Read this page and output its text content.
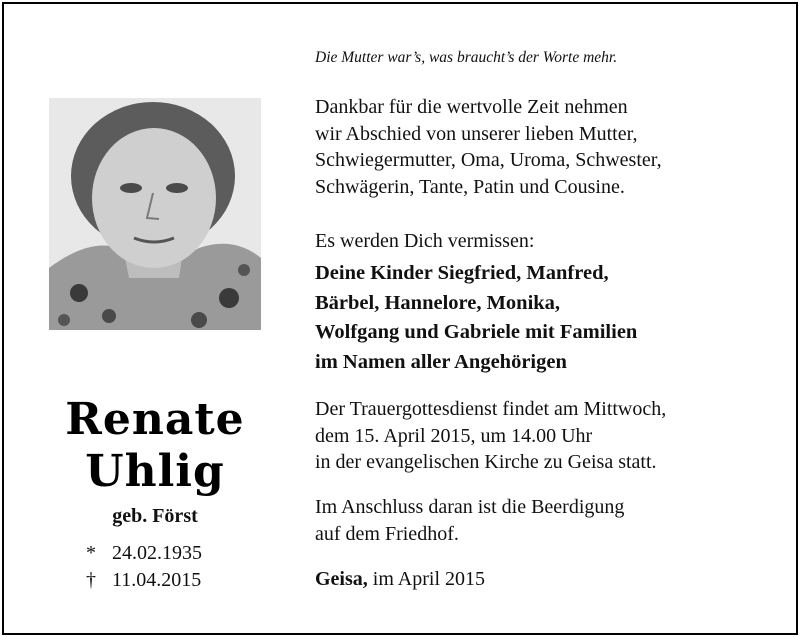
Renate
Uhlig
geb. Först
* 24.02.1935
† 11.04.2015
Die Mutter war’s, was braucht’s der Worte mehr.
Dankbar für die wertvolle Zeit nehmen
wir Abschied von unserer lieben Mutter,
Schwiegermutter, Oma, Uroma, Schwester,
Schwägerin, Tante, Patin und Cousine.
Es werden Dich vermissen:
Deine Kinder Siegfried, Manfred,
Bärbel, Hannelore, Monika,
Wolfgang und Gabriele mit Familien
im Namen aller Angehörigen
Der Trauergottesdienst findet am Mittwoch,
dem 15. April 2015, um 14.00 Uhr
in der evangelischen Kirche zu Geisa statt.
Im Anschluss daran ist die Beerdigung
auf dem Friedhof.
Geisa, im April 2015
